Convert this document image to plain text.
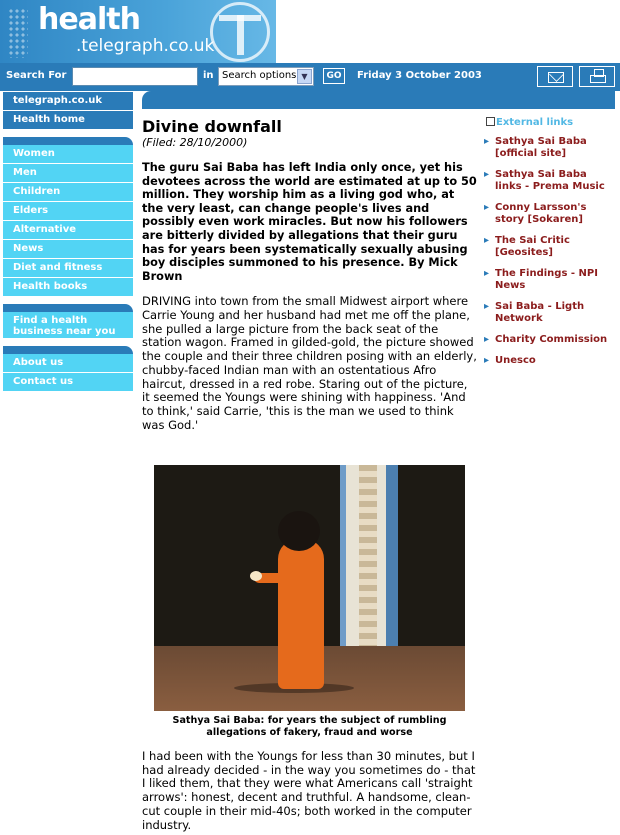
health
.telegraph.co.uk
Search For	in Search options ▼	GO	Friday 3 October 2003
telegraph.co.uk
Health home
Women
Men
Children
Elders
Alternative
News
Diet and fitness
Health books
Find a health
business near you
About us
Contact us
Divine downfall
(Filed: 28/10/2000)

The guru Sai Baba has left India only once, yet his devotees across the world are estimated at up to 50 million. They worship him as a living god who, at the very least, can change people's lives and possibly even work miracles. But now his followers are bitterly divided by allegations that their guru has for years been systematically sexually abusing boy disciples summoned to his presence. By Mick Brown

DRIVING into town from the small Midwest airport where Carrie Young and her husband had met me off the plane, she pulled a large picture from the back seat of the station wagon. Framed in gilded-gold, the picture showed the couple and their three children posing with an elderly, chubby-faced Indian man with an ostentatious Afro haircut, dressed in a red robe. Staring out of the picture, it seemed the Youngs were shining with happiness. 'And to think,' said Carrie, 'this is the man we used to think was God.'

Sathya Sai Baba: for years the subject of rumbling allegations of fakery, fraud and worse

I had been with the Youngs for less than 30 minutes, but I had already decided - in the way you sometimes do - that I liked them, that they were what Americans call 'straight arrows': honest, decent and truthful. A handsome, clean-cut couple in their mid-40s; both worked in the computer industry.

External links
▸ Sathya Sai Baba [official site]
▸ Sathya Sai Baba links - Prema Music
▸ Conny Larsson's story [Sokaren]
▸ The Sai Critic [Geosites]
▸ The Findings - NPI News
▸ Sai Baba - Ligth Network
▸ Charity Commission
▸ Unesco
